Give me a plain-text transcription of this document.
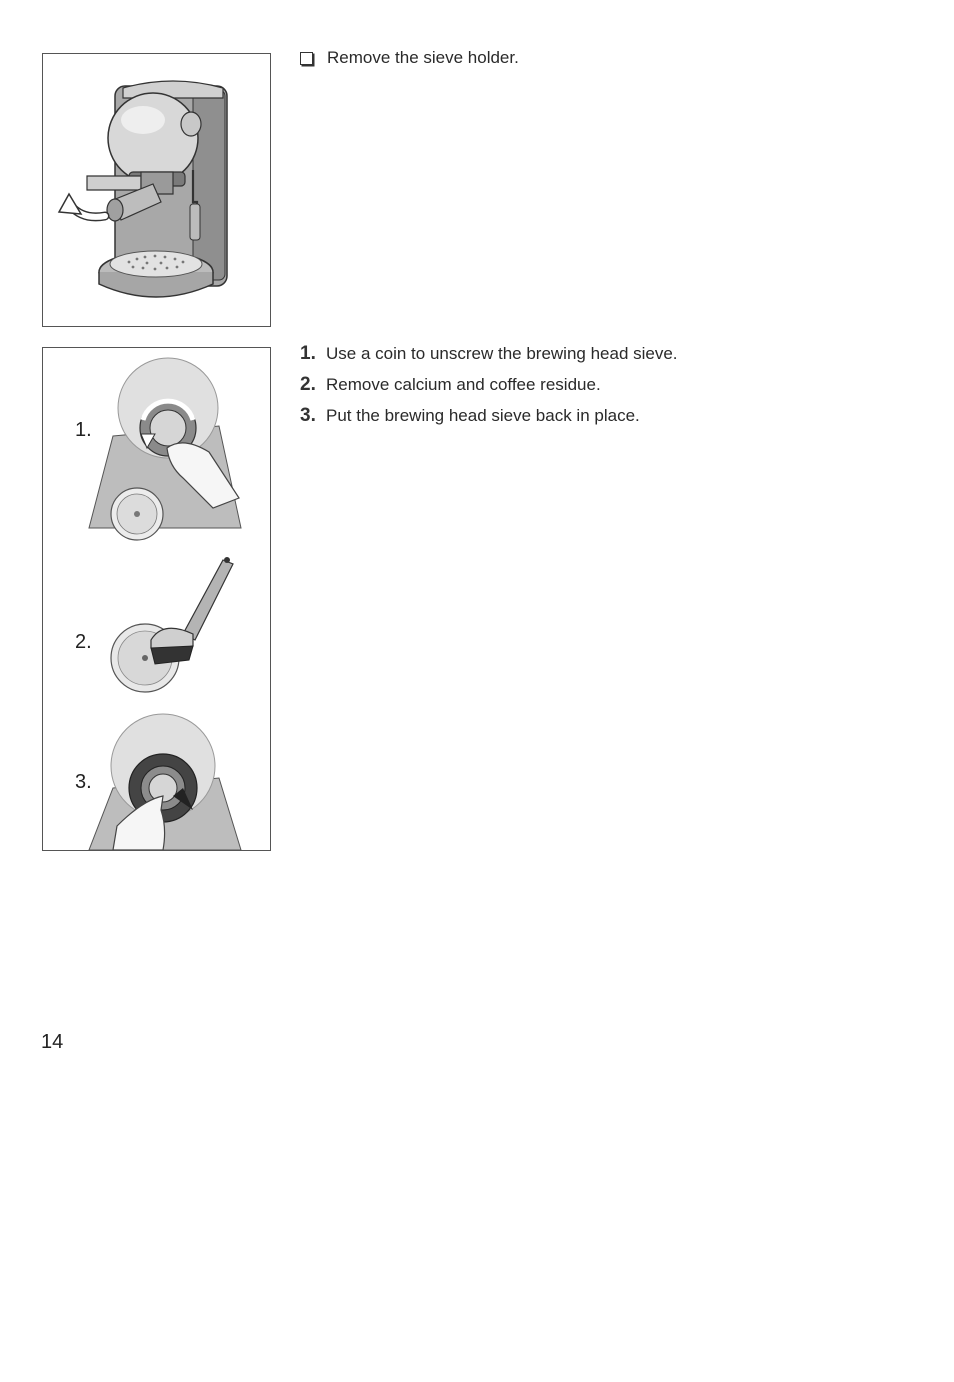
Remove the sieve holder.
1.
2.
3.
1. Use a coin to unscrew the brewing head sieve.
2. Remove calcium and coffee residue.
3. Put the brewing head sieve back in place.
14
